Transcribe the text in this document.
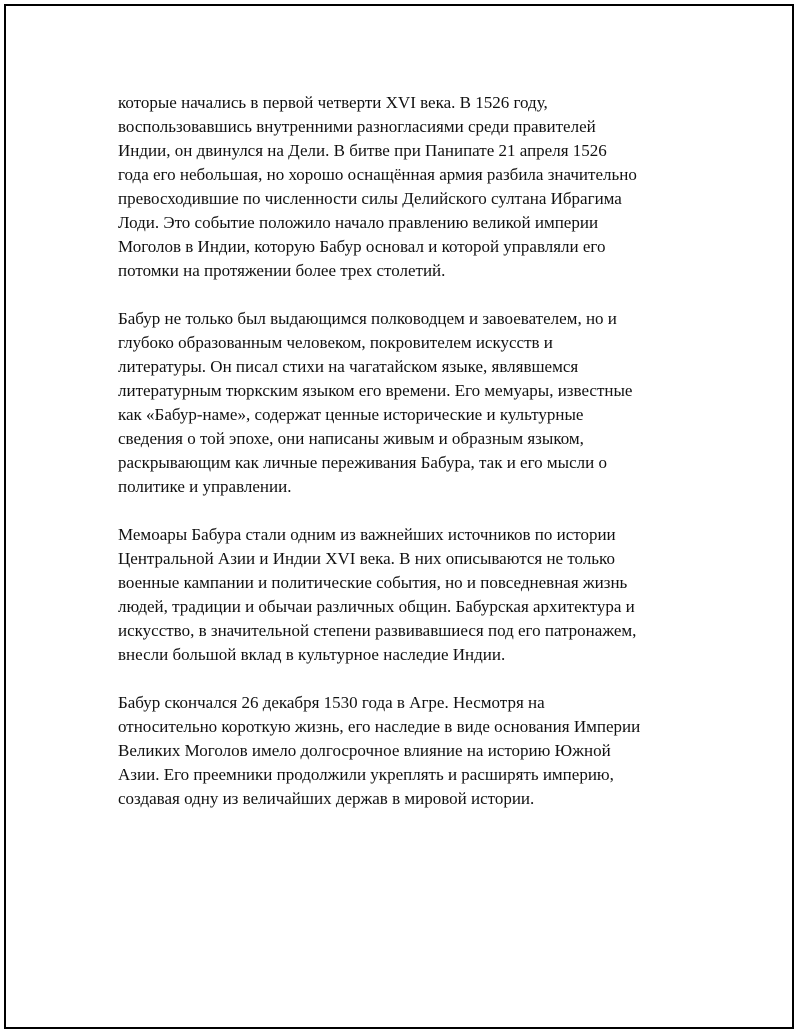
которые начались в первой четверти XVI века. В 1526 году,
воспользовавшись внутренними разногласиями среди правителей
Индии, он двинулся на Дели. В битве при Панипате 21 апреля 1526
года его небольшая, но хорошо оснащённая армия разбила значительно
превосходившие по численности силы Делийского султана Ибрагима
Лоди. Это событие положило начало правлению великой империи
Моголов в Индии, которую Бабур основал и которой управляли его
потомки на протяжении более трех столетий.

Бабур не только был выдающимся полководцем и завоевателем, но и
глубоко образованным человеком, покровителем искусств и
литературы. Он писал стихи на чагатайском языке, являвшемся
литературным тюркским языком его времени. Его мемуары, известные
как «Бабур-наме», содержат ценные исторические и культурные
сведения о той эпохе, они написаны живым и образным языком,
раскрывающим как личные переживания Бабура, так и его мысли о
политике и управлении.

Мемоары Бабура стали одним из важнейших источников по истории
Центральной Азии и Индии XVI века. В них описываются не только
военные кампании и политические события, но и повседневная жизнь
людей, традиции и обычаи различных общин. Бабурская архитектура и
искусство, в значительной степени развивавшиеся под его патронажем,
внесли большой вклад в культурное наследие Индии.

Бабур скончался 26 декабря 1530 года в Агре. Несмотря на
относительно короткую жизнь, его наследие в виде основания Империи
Великих Моголов имело долгосрочное влияние на историю Южной
Азии. Его преемники продолжили укреплять и расширять империю,
создавая одну из величайших держав в мировой истории.
